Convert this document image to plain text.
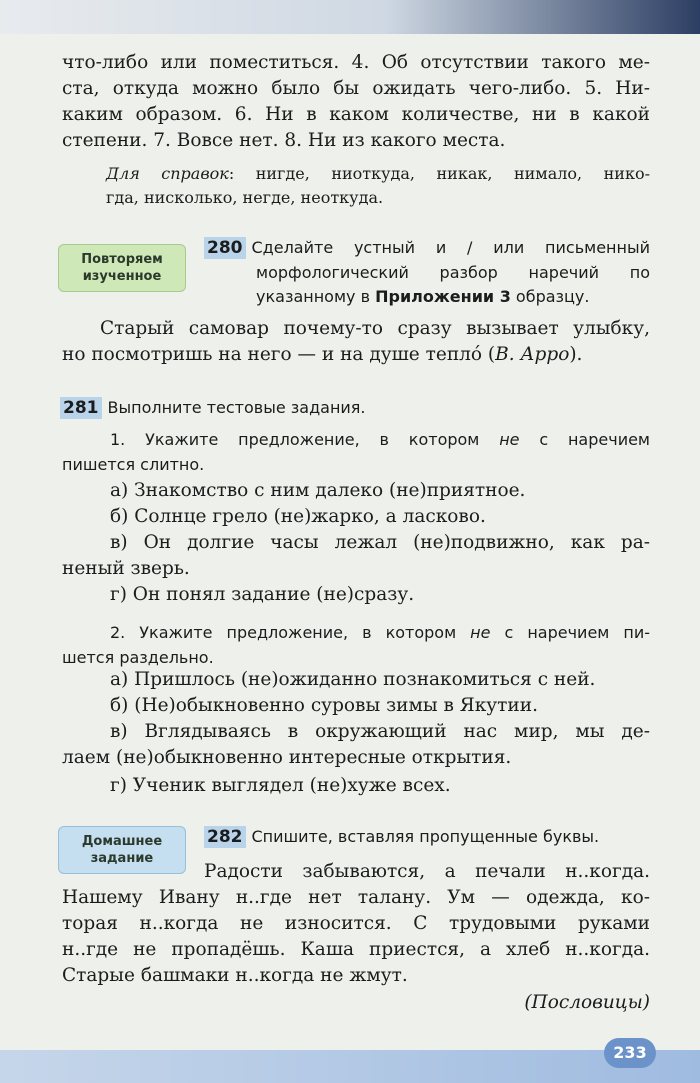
что-либо или поместиться. 4. Об отсутствии такого ме-
ста, откуда можно было бы ожидать чего-либо. 5. Ни-
каким образом. 6. Ни в каком количестве, ни в какой
степени. 7. Вовсе нет. 8. Ни из какого места.
Для справок: нигде, ниоткуда, никак, нимало, нико-
гда, нисколько, негде, неоткуда.
Повторяем
изученное
280 Сделайте устный и / или письменный
морфологический разбор наречий по
указанному в Приложении 3 образцу.
Старый самовар почему-то сразу вызывает улыбку,
но посмотришь на него — и на душе тепло́ (В. Арро).
281 Выполните тестовые задания.
1. Укажите предложение, в котором не с наречием
пишется слитно.
а) Знакомство с ним далеко (не)приятное.
б) Солнце грело (не)жарко, а ласково.
в) Он долгие часы лежал (не)подвижно, как ра-
неный зверь.
г) Он понял задание (не)сразу.
2. Укажите предложение, в котором не с наречием пи-
шется раздельно.
а) Пришлось (не)ожиданно познакомиться с ней.
б) (Не)обыкновенно суровы зимы в Якутии.
в) Вглядываясь в окружающий нас мир, мы де-
лаем (не)обыкновенно интересные открытия.
г) Ученик выглядел (не)хуже всех.
Домашнее
задание
282 Спишите, вставляя пропущенные буквы.
Радости забываются, а печали н..когда.
Нашему Ивану н..где нет талану. Ум — одежда, ко-
торая н..когда не износится. С трудовыми руками
н..где не пропадёшь. Каша приестся, а хлеб н..когда.
Старые башмаки н..когда не жмут.
(Пословицы)
233
